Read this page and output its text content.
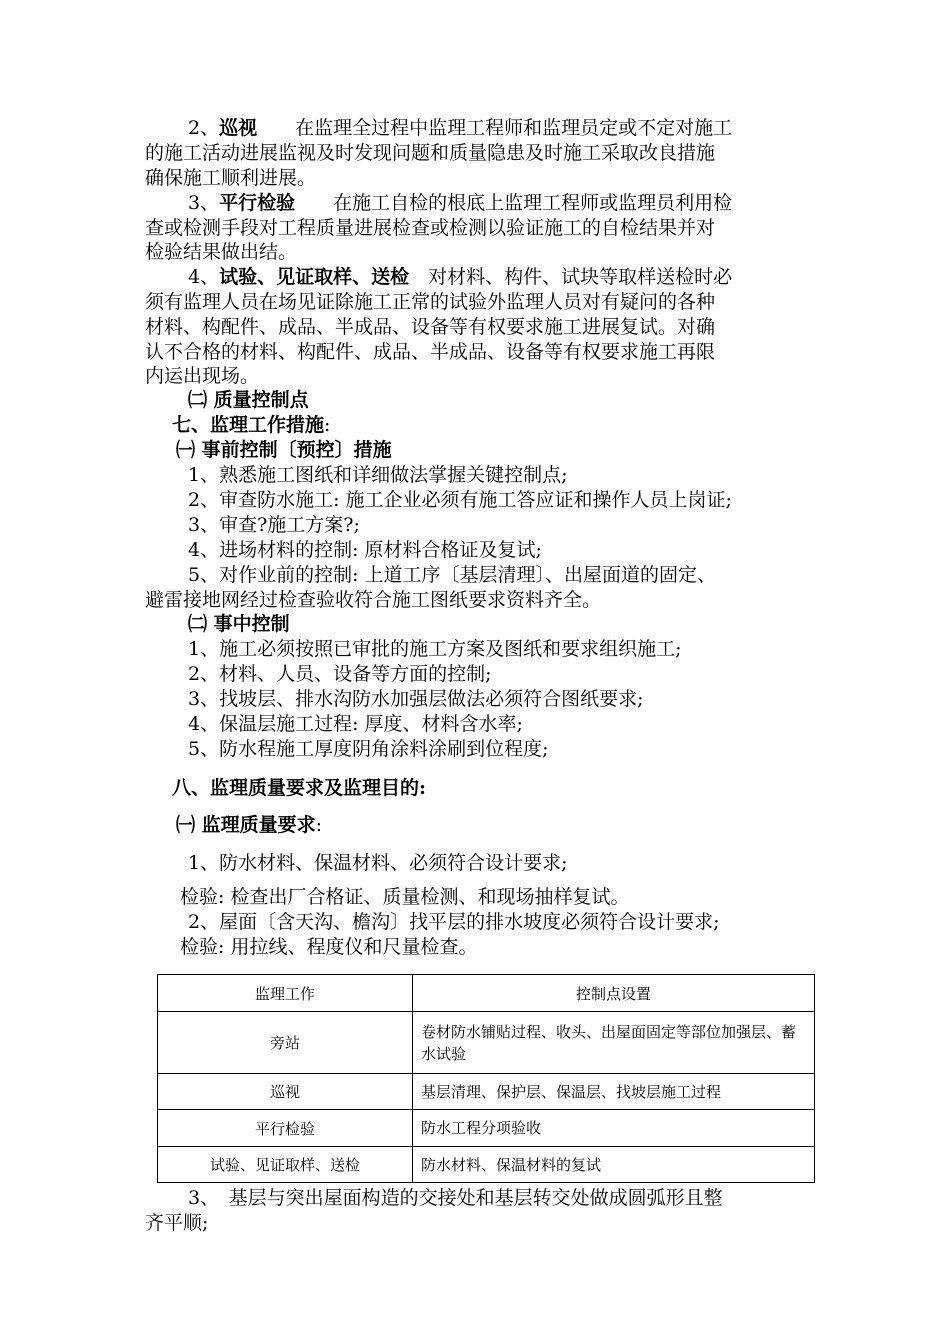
2、巡视　　在监理全过程中监理工程师和监理员定或不定对施工
的施工活动进展监视及时发现问题和质量隐患及时施工采取改良措施
确保施工顺利进展。
3、平行检验　　在施工自检的根底上监理工程师或监理员利用检
查或检测手段对工程质量进展检查或检测以验证施工的自检结果并对
检验结果做出结。
4、试验、见证取样、送检　对材料、构件、试块等取样送检时必
须有监理人员在场见证除施工正常的试验外监理人员对有疑问的各种
材料、构配件、成品、半成品、设备等有权要求施工进展复试。对确
认不合格的材料、构配件、成品、半成品、设备等有权要求施工再限
内运出现场。
㈡ 质量控制点
七、监理工作措施:
㈠ 事前控制〔预控〕措施
1、熟悉施工图纸和详细做法掌握关键控制点;
2、审查防水施工: 施工企业必须有施工答应证和操作人员上岗证;
3、审查?施工方案?;
4、进场材料的控制: 原材料合格证及复试;
5、对作业前的控制: 上道工序〔基层清理〕、出屋面道的固定、
避雷接地网经过检查验收符合施工图纸要求资料齐全。
㈡ 事中控制
1、施工必须按照已审批的施工方案及图纸和要求组织施工;
2、材料、人员、设备等方面的控制;
3、找坡层、排水沟防水加强层做法必须符合图纸要求;
4、保温层施工过程: 厚度、材料含水率;
5、防水程施工厚度阴角涂料涂刷到位程度;
八、监理质量要求及监理目的:
㈠ 监理质量要求:
1、防水材料、保温材料、必须符合设计要求;
检验: 检查出厂合格证、质量检测、和现场抽样复试。
2、屋面〔含天沟、檐沟〕找平层的排水坡度必须符合设计要求;
检验: 用拉线、程度仪和尺量检查。
监理工作	控制点设置
旁站	卷材防水铺贴过程、收头、出屋面固定等部位加强层、蓄水试验
巡视	基层清理、保护层、保温层、找坡层施工过程
平行检验	防水工程分项验收
试验、见证取样、送检	防水材料、保温材料的复试
3、　基层与突出屋面构造的交接处和基层转交处做成圆弧形且整
齐平顺;
